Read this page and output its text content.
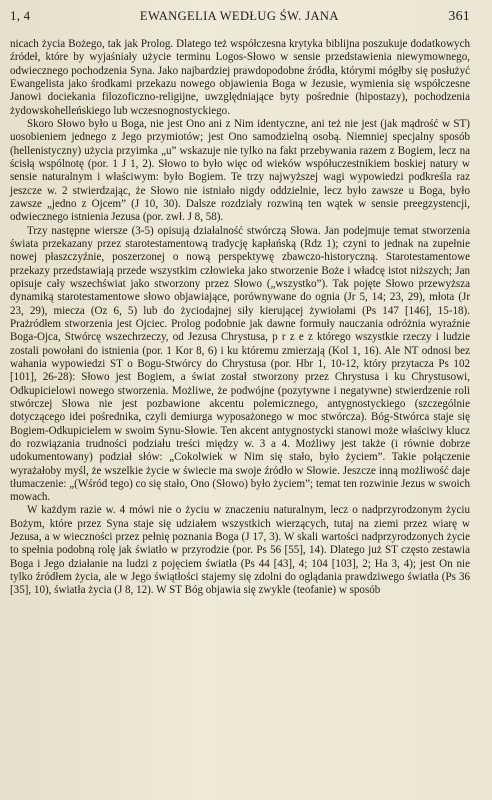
1, 4	EWANGELIA WEDŁUG ŚW. JANA	361

nicach życia Bożego, tak jak Prolog. Dlatego też współczesna krytyka biblijna poszukuje dodatkowych źródeł, które by wyjaśniały użycie terminu Logos-Słowo w sensie przedstawienia niewymownego, odwiecznego pochodzenia Syna. Jako najbardziej prawdopodobne źródła, którymi mógłby się posłużyć Ewangelista jako środkami przekazu nowego objawienia Boga w Jezusie, wymienia się współczesne Janowi dociekania filozoficzno-religijne, uwzględniające byty pośrednie (hipostazy), pochodzenia żydowskohelleńskiego lub wczesnognostyckiego.

Skoro Słowo było u Boga, nie jest Ono ani z Nim identyczne, ani też nie jest (jak mądrość w ST) uosobieniem jednego z Jego przymiotów; jest Ono samodzielną osobą. Niemniej specjalny sposób (hellenistyczny) użycia przyimka „u” wskazuje nie tylko na fakt przebywania razem z Bogiem, lecz na ścisłą wspólnotę (por. 1 J 1, 2). Słowo to było więc od wieków współuczestnikiem boskiej natury w sensie naturalnym i właściwym: było Bogiem. Te trzy najwyższej wagi wypowiedzi podkreśla raz jeszcze w. 2 stwierdzając, że Słowo nie istniało nigdy oddzielnie, lecz było zawsze u Boga, było zawsze „jedno z Ojcem” (J 10, 30). Dalsze rozdziały rozwiną ten wątek w sensie preegzystencji, odwiecznego istnienia Jezusa (por. zwł. J 8, 58).

Trzy następne wiersze (3-5) opisują działalność stwórczą Słowa. Jan podejmuje temat stworzenia świata przekazany przez starotestamentową tradycję kapłańską (Rdz 1); czyni to jednak na zupełnie nowej płaszczyźnie, poszerzonej o nową perspektywę zbawczo-historyczną. Starotestamentowe przekazy przedstawiają przede wszystkim człowieka jako stworzenie Boże i władcę istot niższych; Jan opisuje cały wszechświat jako stworzony przez Słowo („wszystko”). Tak pojęte Słowo przewyższa dynamiką starotestamentowe słowo objawiające, porównywane do ognia (Jr 5, 14; 23, 29), młota (Jr 23, 29), miecza (Oz 6, 5) lub do życiodajnej siły kierującej żywiołami (Ps 147 [146], 15-18). Prażródłem stworzenia jest Ojciec. Prolog podobnie jak dawne formuły nauczania odróżnia wyraźnie Boga-Ojca, Stwórcę wszechrzeczy, od Jezusa Chrystusa, p r z e z którego wszystkie rzeczy i ludzie zostali powołani do istnienia (por. 1 Kor 8, 6) i ku któremu zmierzają (Kol 1, 16). Ale NT odnosi bez wahania wypowiedzi ST o Bogu-Stwórcy do Chrystusa (por. Hbr 1, 10-12, który przytacza Ps 102 [101], 26-28): Słowo jest Bogiem, a świat został stworzony przez Chrystusa i ku Chrystusowi, Odkupicielowi nowego stworzenia. Możliwe, że podwójne (pozytywne i negatywne) stwierdzenie roli stwórczej Słowa nie jest pozbawione akcentu polemicznego, antygnostyckiego (szczególnie dotyczącego idei pośrednika, czyli demiurga wyposażonego w moc stwórcza). Bóg-Stwórca staje się Bogiem-Odkupicielem w swoim Synu-Słowie. Ten akcent antygnostycki stanowi może właściwy klucz do rozwiązania trudności podziału treści między w. 3 a 4. Możliwy jest także (i równie dobrze udokumentowany) podział słów: „Cokolwiek w Nim się stało, było życiem”. Takie połączenie wyrażałoby myśl, że wszelkie życie w świecie ma swoje źródło w Słowie. Jeszcze inną możliwość daje tłumaczenie: „(Wśród tego) co się stało, Ono (Słowo) było życiem”; temat ten rozwinie Jezus w swoich mowach.

W każdym razie w. 4 mówi nie o życiu w znaczeniu naturalnym, lecz o nadprzyrodzonym życiu Bożym, które przez Syna staje się udziałem wszystkich wierzących, tutaj na ziemi przez wiarę w Jezusa, a w wieczności przez pełnię poznania Boga (J 17, 3). W skali wartości nadprzyrodzonych życie to spełnia podobną rolę jak światło w przyrodzie (por. Ps 56 [55], 14). Dlatego już ST często zestawia Boga i Jego działanie na ludzi z pojęciem światła (Ps 44 [43], 4; 104 [103], 2; Ha 3, 4); jest On nie tylko źródłem życia, ale w Jego świątłości stajemy się zdolni do oglądania prawdziwego światła (Ps 36 [35], 10), światła życia (J 8, 12). W ST Bóg objawia się zwykle (teofanie) w sposób
